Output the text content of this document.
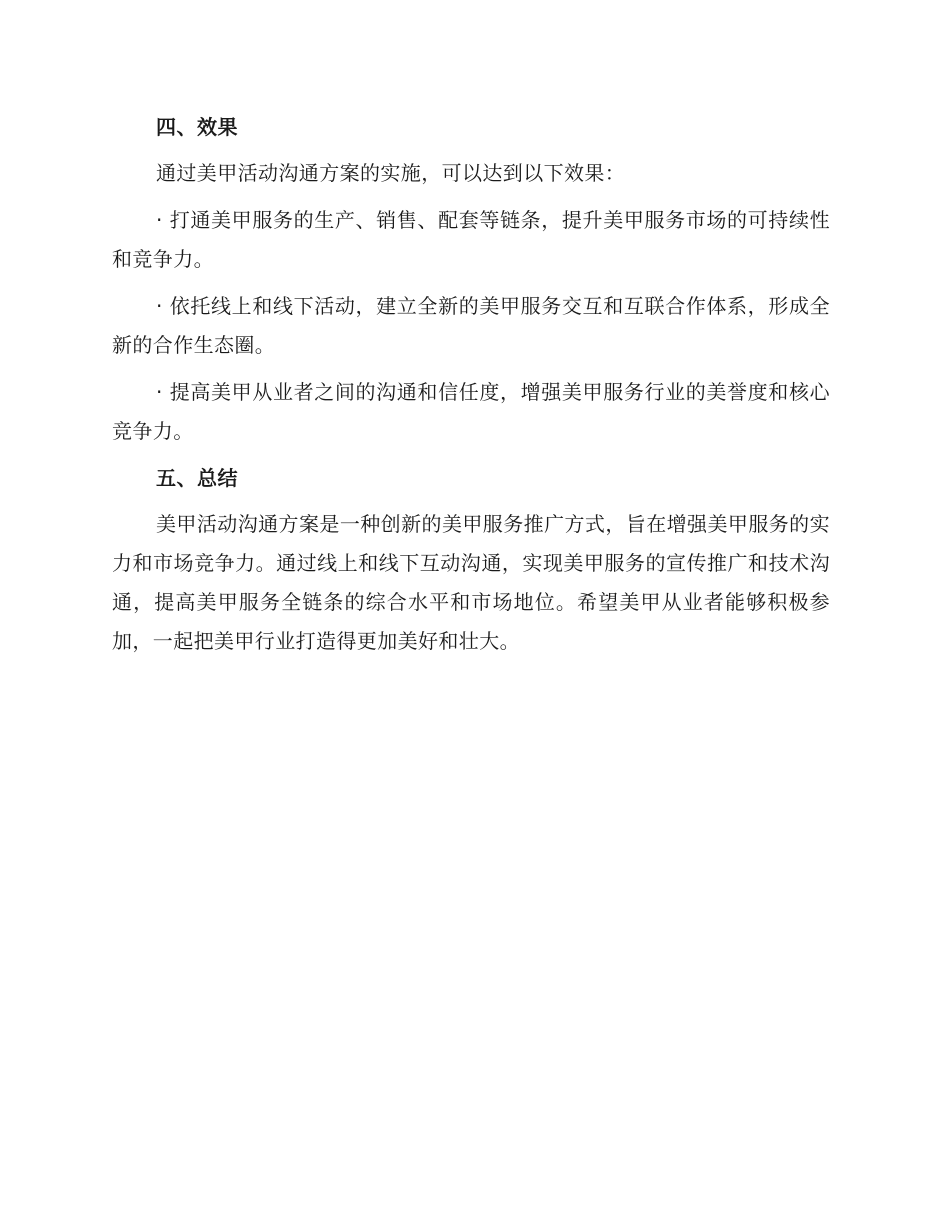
四、效果

通过美甲活动沟通方案的实施，可以达到以下效果：

· 打通美甲服务的生产、销售、配套等链条，提升美甲服务市场的可持续性和竞争力。

· 依托线上和线下活动，建立全新的美甲服务交互和互联合作体系，形成全新的合作生态圈。

· 提高美甲从业者之间的沟通和信任度，增强美甲服务行业的美誉度和核心竞争力。

五、总结

美甲活动沟通方案是一种创新的美甲服务推广方式，旨在增强美甲服务的实力和市场竞争力。通过线上和线下互动沟通，实现美甲服务的宣传推广和技术沟通，提高美甲服务全链条的综合水平和市场地位。希望美甲从业者能够积极参加，一起把美甲行业打造得更加美好和壮大。
